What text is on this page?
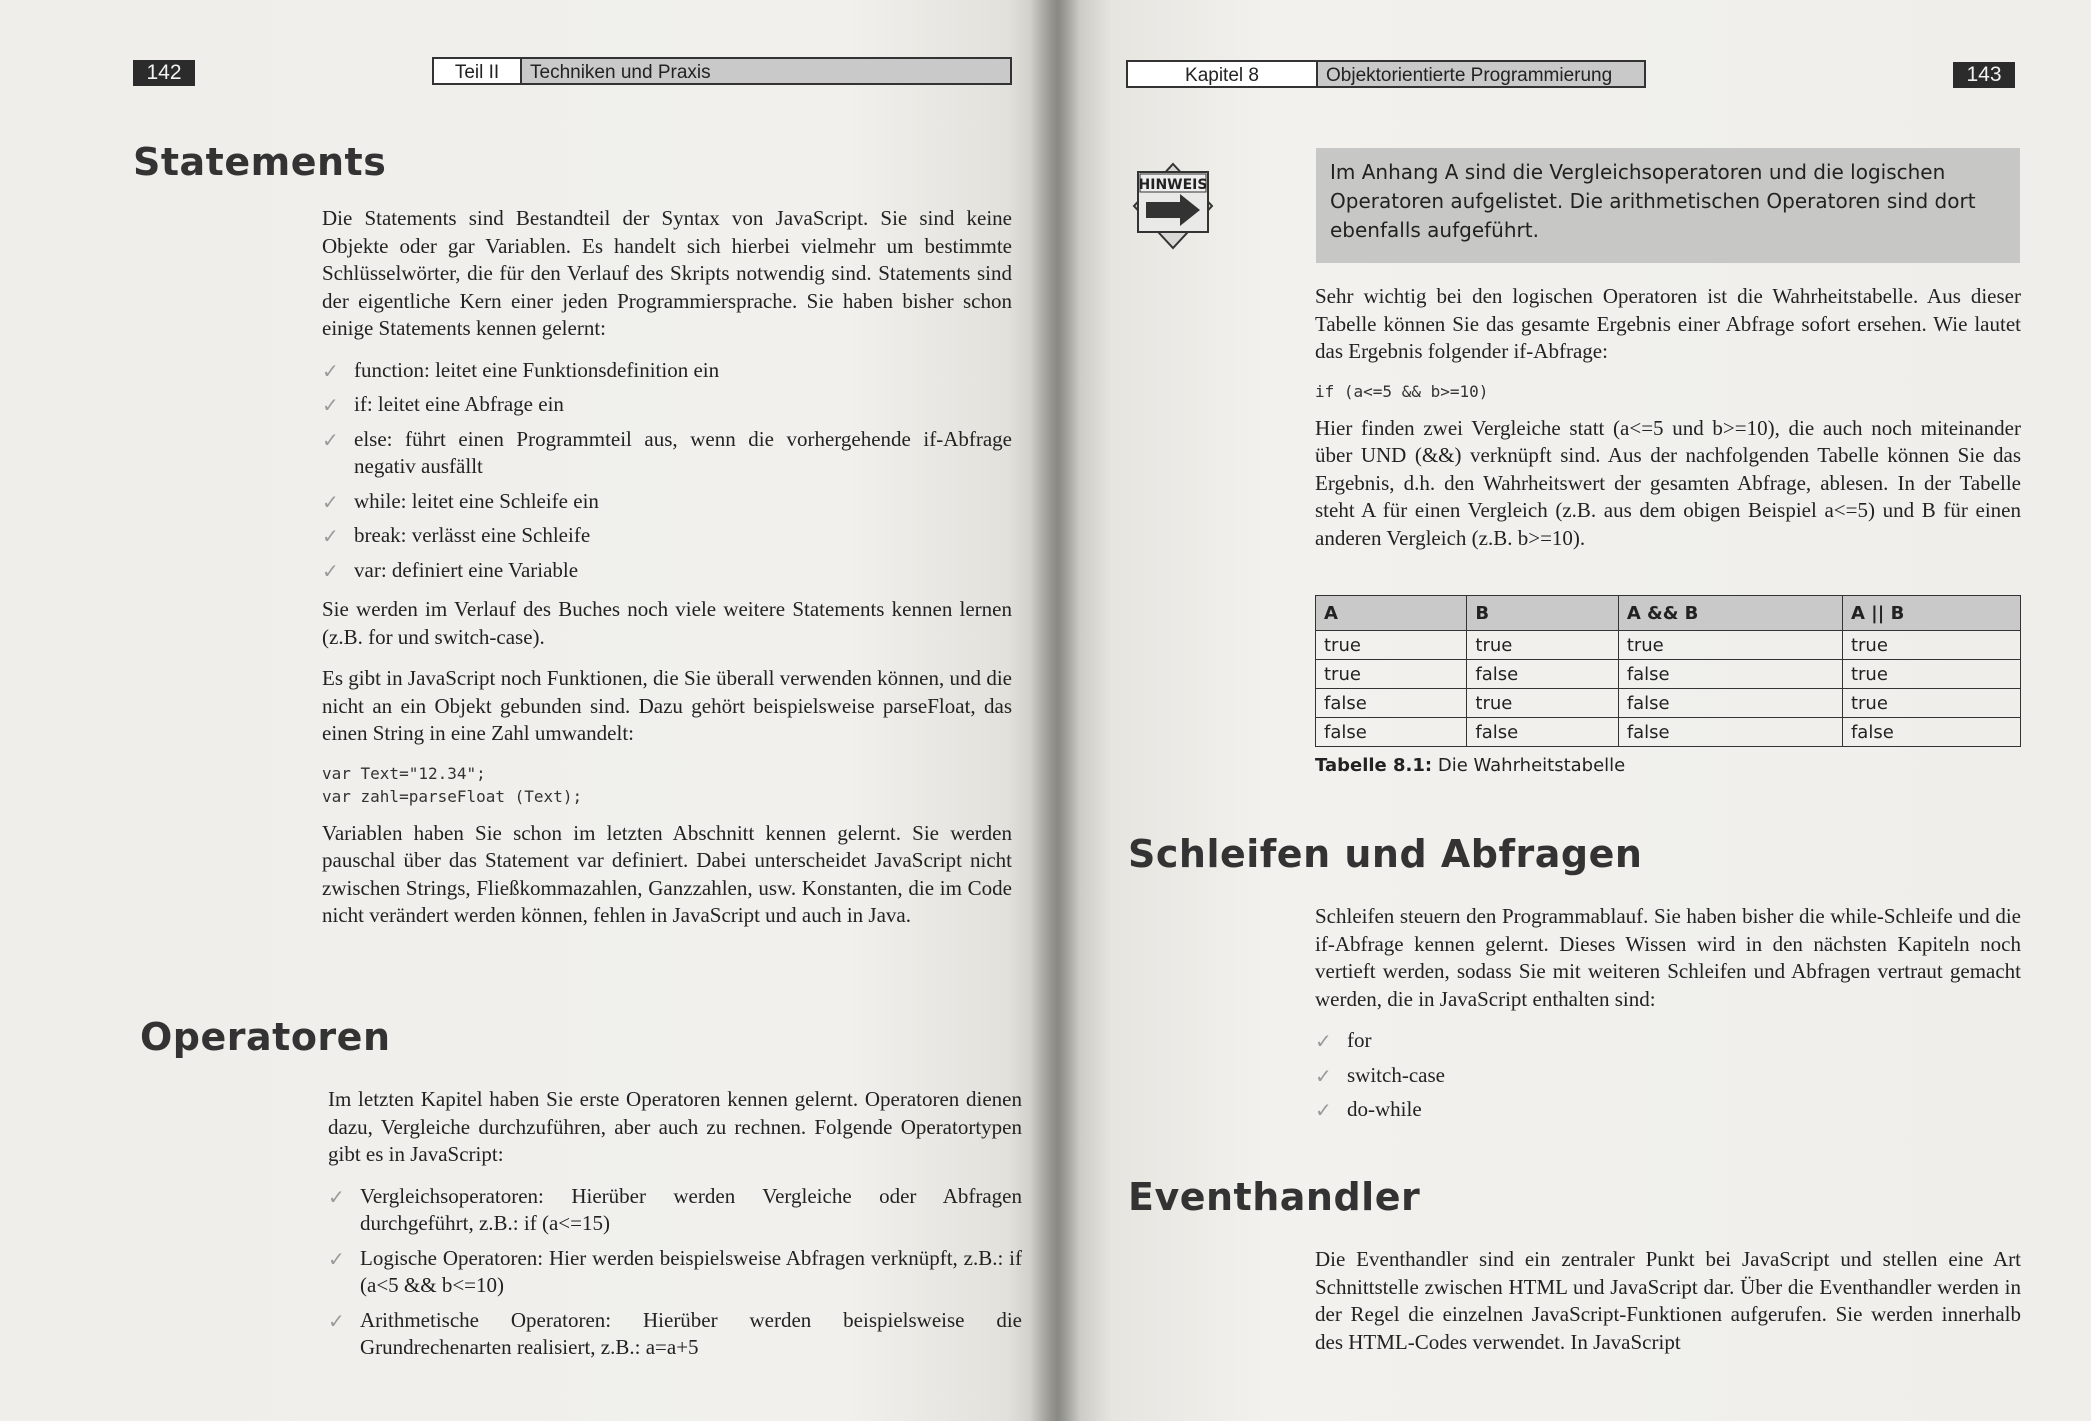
142	Teil II	Techniken und Praxis
Statements

Die Statements sind Bestandteil der Syntax von JavaScript. Sie sind keine Objekte oder gar Variablen. Es handelt sich hierbei vielmehr um bestimmte Schlüsselwörter, die für den Verlauf des Skripts notwendig sind. Statements sind der eigentliche Kern einer jeden Programmiersprache. Sie haben bisher schon einige Statements kennen gelernt:

✓ function: leitet eine Funktionsdefinition ein
✓ if: leitet eine Abfrage ein
✓ else: führt einen Programmteil aus, wenn die vorhergehende if-Abfrage negativ ausfällt
✓ while: leitet eine Schleife ein
✓ break: verlässt eine Schleife
✓ var: definiert eine Variable

Sie werden im Verlauf des Buches noch viele weitere Statements kennen lernen (z.B. for und switch-case).

Es gibt in JavaScript noch Funktionen, die Sie überall verwenden können, und die nicht an ein Objekt gebunden sind. Dazu gehört beispielsweise parseFloat, das einen String in eine Zahl umwandelt:

var Text="12.34";
var zahl=parseFloat (Text);

Variablen haben Sie schon im letzten Abschnitt kennen gelernt. Sie werden pauschal über das Statement var definiert. Dabei unterscheidet JavaScript nicht zwischen Strings, Fließkommazahlen, Ganzzahlen, usw. Konstanten, die im Code nicht verändert werden können, fehlen in JavaScript und auch in Java.

Operatoren

Im letzten Kapitel haben Sie erste Operatoren kennen gelernt. Operatoren dienen dazu, Vergleiche durchzuführen, aber auch zu rechnen. Folgende Operatortypen gibt es in JavaScript:

✓ Vergleichsoperatoren: Hierüber werden Vergleiche oder Abfragen durchgeführt, z.B.: if (a<=15)
✓ Logische Operatoren: Hier werden beispielsweise Abfragen verknüpft, z.B.: if (a<5 && b<=10)
✓ Arithmetische Operatoren: Hierüber werden beispielsweise die Grundrechenarten realisiert, z.B.: a=a+5
Kapitel 8	Objektorientierte Programmierung	143
HINWEIS
Im Anhang A sind die Vergleichsoperatoren und die logischen Operatoren aufgelistet. Die arithmetischen Operatoren sind dort ebenfalls aufgeführt.

Sehr wichtig bei den logischen Operatoren ist die Wahrheitstabelle. Aus dieser Tabelle können Sie das gesamte Ergebnis einer Abfrage sofort ersehen. Wie lautet das Ergebnis folgender if-Abfrage:

if (a<=5 && b>=10)

Hier finden zwei Vergleiche statt (a<=5 und b>=10), die auch noch miteinander über UND (&&) verknüpft sind. Aus der nachfolgenden Tabelle können Sie das Ergebnis, d.h. den Wahrheitswert der gesamten Abfrage, ablesen. In der Tabelle steht A für einen Vergleich (z.B. aus dem obigen Beispiel a<=5) und B für einen anderen Vergleich (z.B. b>=10).

A	B	A && B	A || B
true	true	true	true
true	false	false	true
false	true	false	true
false	false	false	false
Tabelle 8.1: Die Wahrheitstabelle
Schleifen und Abfragen

Schleifen steuern den Programmablauf. Sie haben bisher die while-Schleife und die if-Abfrage kennen gelernt. Dieses Wissen wird in den nächsten Kapiteln noch vertieft werden, sodass Sie mit weiteren Schleifen und Abfragen vertraut gemacht werden, die in JavaScript enthalten sind:

✓ for
✓ switch-case
✓ do-while
Eventhandler

Die Eventhandler sind ein zentraler Punkt bei JavaScript und stellen eine Art Schnittstelle zwischen HTML und JavaScript dar. Über die Eventhandler werden in der Regel die einzelnen JavaScript-Funktionen aufgerufen. Sie werden innerhalb des HTML-Codes verwendet. In JavaScript
